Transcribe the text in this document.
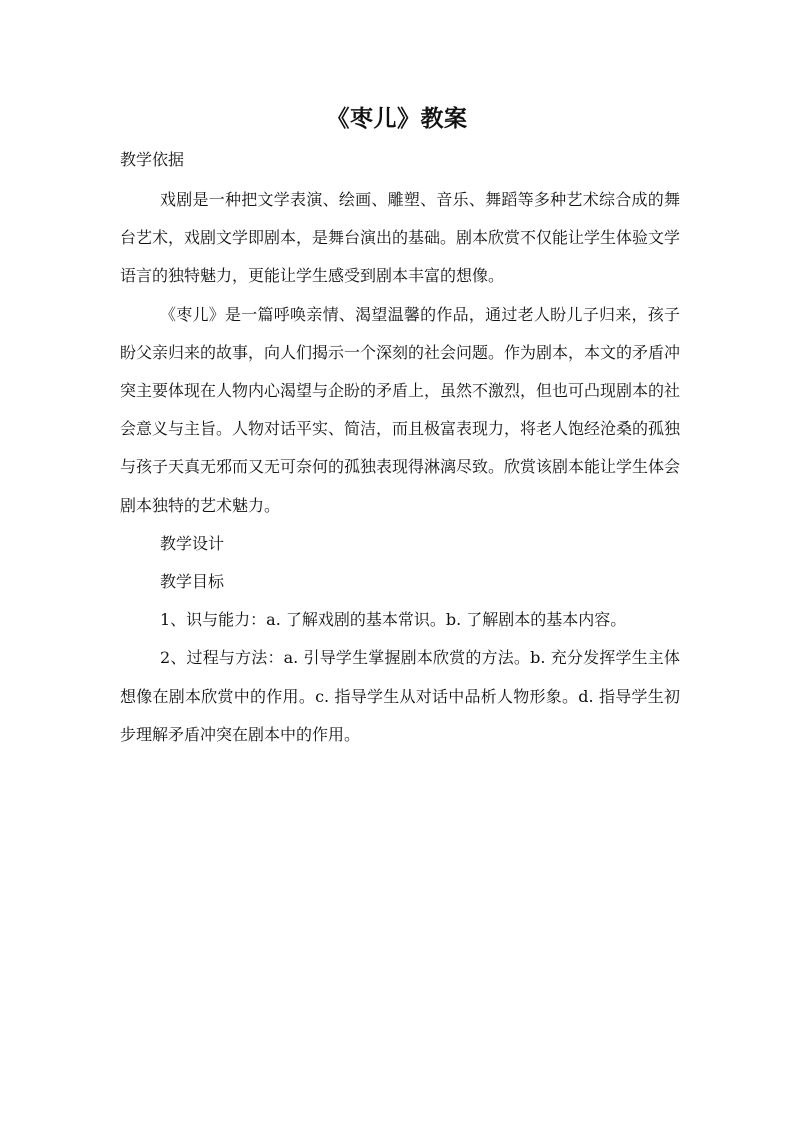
《枣儿》教案
教学依据

戏剧是一种把文学表演、绘画、雕塑、音乐、舞蹈等多种艺术综合成的舞台艺术，戏剧文学即剧本，是舞台演出的基础。剧本欣赏不仅能让学生体验文学语言的独特魅力，更能让学生感受到剧本丰富的想像。

《枣儿》是一篇呼唤亲情、渴望温馨的作品，通过老人盼儿子归来，孩子盼父亲归来的故事，向人们揭示一个深刻的社会问题。作为剧本，本文的矛盾冲突主要体现在人物内心渴望与企盼的矛盾上，虽然不激烈，但也可凸现剧本的社会意义与主旨。人物对话平实、简洁，而且极富表现力，将老人饱经沧桑的孤独与孩子天真无邪而又无可奈何的孤独表现得淋漓尽致。欣赏该剧本能让学生体会剧本独特的艺术魅力。

教学设计

教学目标

1、识与能力：a. 了解戏剧的基本常识。b. 了解剧本的基本内容。

2、过程与方法：a. 引导学生掌握剧本欣赏的方法。b. 充分发挥学生主体想像在剧本欣赏中的作用。c. 指导学生从对话中品析人物形象。d. 指导学生初步理解矛盾冲突在剧本中的作用。
